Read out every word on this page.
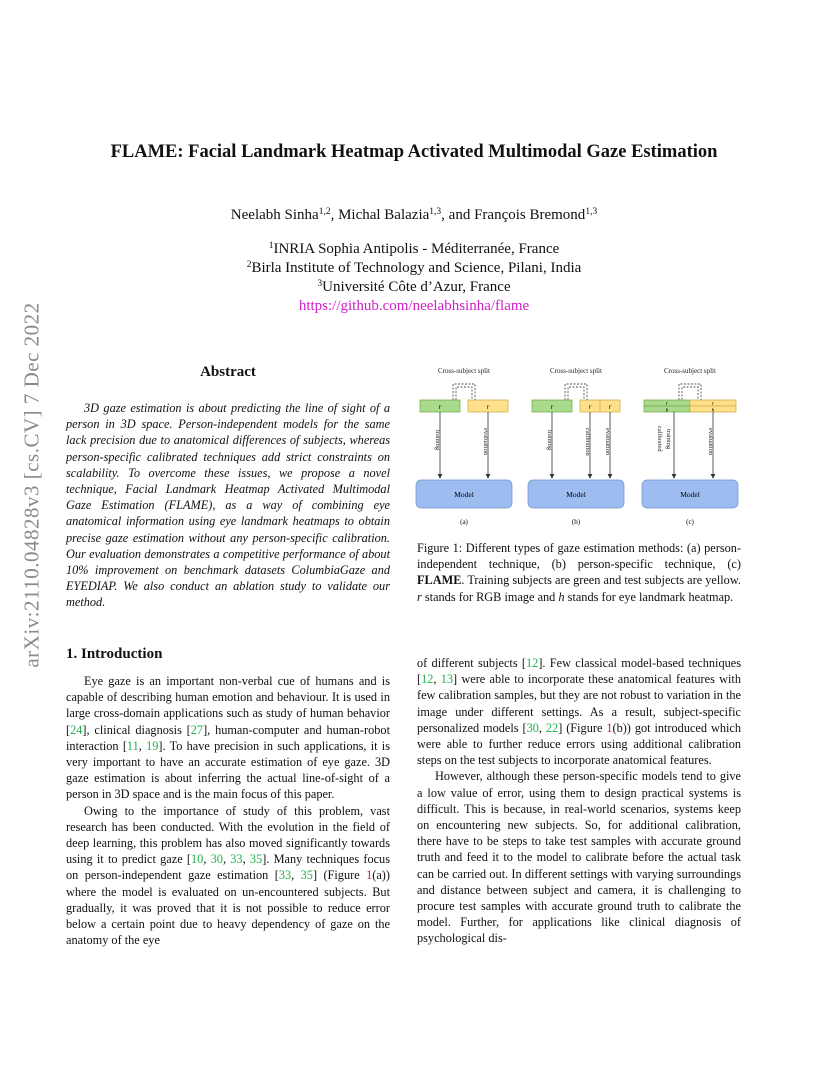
arXiv:2110.04828v3 [cs.CV] 7 Dec 2022
FLAME: Facial Landmark Heatmap Activated Multimodal Gaze Estimation
Neelabh Sinha$^{1,2}$, Michal Balazia$^{1,3}$, and François Bremond$^{1,3}$
$^1$INRIA Sophia Antipolis - Méditerranée, France
$^2$Birla Institute of Technology and Science, Pilani, India
$^3$Université Côte d’Azur, France
https://github.com/neelabhsinha/flame
Abstract

3D gaze estimation is about predicting the line of sight of a person in 3D space. Person-independent models for the same lack precision due to anatomical differences of subjects, whereas person-specific calibrated techniques add strict constraints on scalability. To overcome these issues, we propose a novel technique, Facial Landmark Heatmap Activated Multimodal Gaze Estimation (FLAME), as a way of combining eye anatomical information using eye landmark heatmaps to obtain precise gaze estimation without any person-specific calibration. Our evaluation demonstrates a competitive performance of about 10% improvement on benchmark datasets ColumbiaGaze and EYEDIAP. We also conduct an ablation study to validate our method.

1. Introduction

Eye gaze is an important non-verbal cue of humans and is capable of describing human emotion and behaviour. It is used in large cross-domain applications such as study of human behavior [24], clinical diagnosis [27], human-computer and human-robot interaction [11, 19]. To have precision in such applications, it is very important to have an accurate estimation of eye gaze. 3D gaze estimation is about inferring the actual line-of-sight of a person in 3D space and is the main focus of this paper.

Owing to the importance of study of this problem, vast research has been conducted. With the evolution in the field of deep learning, this problem has also moved significantly towards using it to predict gaze [10, 30, 33, 35]. Many techniques focus on person-independent gaze estimation [33, 35] (Figure 1(a)) where the model is evaluated on un-encountered subjects. But gradually, it was proved that it is not possible to reduce error below a certain point due to heavy dependency of gaze on the anatomy of the eye

of different subjects [12]. Few classical model-based techniques [12, 13] were able to incorporate these anatomical features with few calibration samples, but they are not robust to variation in the image under different settings. As a result, subject-specific personalized models [30, 22] (Figure 1(b)) got introduced which were able to further reduce errors using additional calibration steps on the test subjects to incorporate anatomical features.

However, although these person-specific models tend to give a low value of error, using them to design practical systems is difficult. This is because, in real-world scenarios, systems keep on encountering new subjects. So, for additional calibration, there have to be steps to take test samples with accurate ground truth and feed it to the model to calibrate before the actual task can be carried out. In different settings with varying surroundings and distance between subject and camera, it is challenging to procure test samples with accurate ground truth to calibrate the model. Further, for applications like clinical diagnosis of psychological dis-

Cross-subject split
r	r
training	evaluation
Model
(a)
Cross-subject split
r	r r
training	calibration evaluation
Model
(b)
Cross-subject split
r
h
r
h
calibrated training	evaluation
Model
(c)

Figure 1: Different types of gaze estimation methods: (a) person-independent technique, (b) person-specific technique, (c) FLAME. Training subjects are green and test subjects are yellow. r stands for RGB image and h stands for eye landmark heatmap.
